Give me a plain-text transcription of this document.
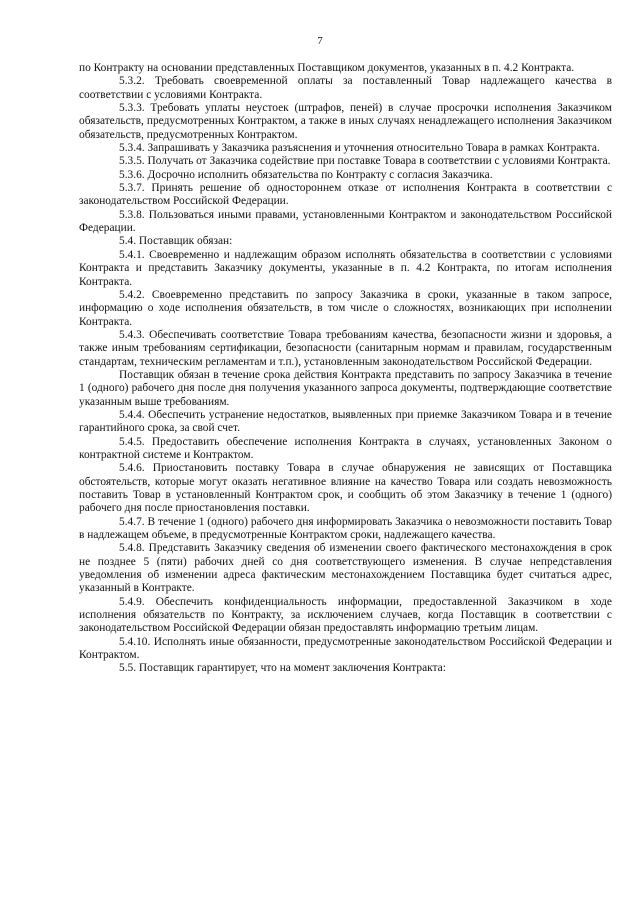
7

по Контракту на основании представленных Поставщиком документов, указанных в п. 4.2 Контракта.

5.3.2. Требовать своевременной оплаты за поставленный Товар надлежащего качества в соответствии с условиями Контракта.

5.3.3. Требовать уплаты неустоек (штрафов, пеней) в случае просрочки исполнения Заказчиком обязательств, предусмотренных Контрактом, а также в иных случаях ненадлежащего исполнения Заказчиком обязательств, предусмотренных Контрактом.

5.3.4. Запрашивать у Заказчика разъяснения и уточнения относительно Товара в рамках Контракта.

5.3.5. Получать от Заказчика содействие при поставке Товара в соответствии с условиями Контракта.

5.3.6. Досрочно исполнить обязательства по Контракту с согласия Заказчика.

5.3.7. Принять решение об одностороннем отказе от исполнения Контракта в соответствии с законодательством Российской Федерации.

5.3.8. Пользоваться иными правами, установленными Контрактом и законодательством Российской Федерации.

5.4. Поставщик обязан:

5.4.1. Своевременно и надлежащим образом исполнять обязательства в соответствии с условиями Контракта и представить Заказчику документы, указанные в п. 4.2 Контракта, по итогам исполнения Контракта.

5.4.2. Своевременно представить по запросу Заказчика в сроки, указанные в таком запросе, информацию о ходе исполнения обязательств, в том числе о сложностях, возникающих при исполнении Контракта.

5.4.3. Обеспечивать соответствие Товара требованиям качества, безопасности жизни и здоровья, а также иным требованиям сертификации, безопасности (санитарным нормам и правилам, государственным стандартам, техническим регламентам и т.п.), установленным законодательством Российской Федерации.

Поставщик обязан в течение срока действия Контракта представить по запросу Заказчика в течение 1 (одного) рабочего дня после дня получения указанного запроса документы, подтверждающие соответствие указанным выше требованиям.

5.4.4. Обеспечить устранение недостатков, выявленных при приемке Заказчиком Товара и в течение гарантийного срока, за свой счет.

5.4.5. Предоставить обеспечение исполнения Контракта в случаях, установленных Законом о контрактной системе и Контрактом.

5.4.6. Приостановить поставку Товара в случае обнаружения не зависящих от Поставщика обстоятельств, которые могут оказать негативное влияние на качество Товара или создать невозможность поставить Товар в установленный Контрактом срок, и сообщить об этом Заказчику в течение 1 (одного) рабочего дня после приостановления поставки.

5.4.7. В течение 1 (одного) рабочего дня информировать Заказчика о невозможности поставить Товар в надлежащем объеме, в предусмотренные Контрактом сроки, надлежащего качества.

5.4.8. Представить Заказчику сведения об изменении своего фактического местонахождения в срок не позднее 5 (пяти) рабочих дней со дня соответствующего изменения. В случае непредставления уведомления об изменении адреса фактическим местонахождением Поставщика будет считаться адрес, указанный в Контракте.

5.4.9. Обеспечить конфиденциальность информации, предоставленной Заказчиком в ходе исполнения обязательств по Контракту, за исключением случаев, когда Поставщик в соответствии с законодательством Российской Федерации обязан предоставлять информацию третьим лицам.

5.4.10. Исполнять иные обязанности, предусмотренные законодательством Российской Федерации и Контрактом.

5.5. Поставщик гарантирует, что на момент заключения Контракта:
